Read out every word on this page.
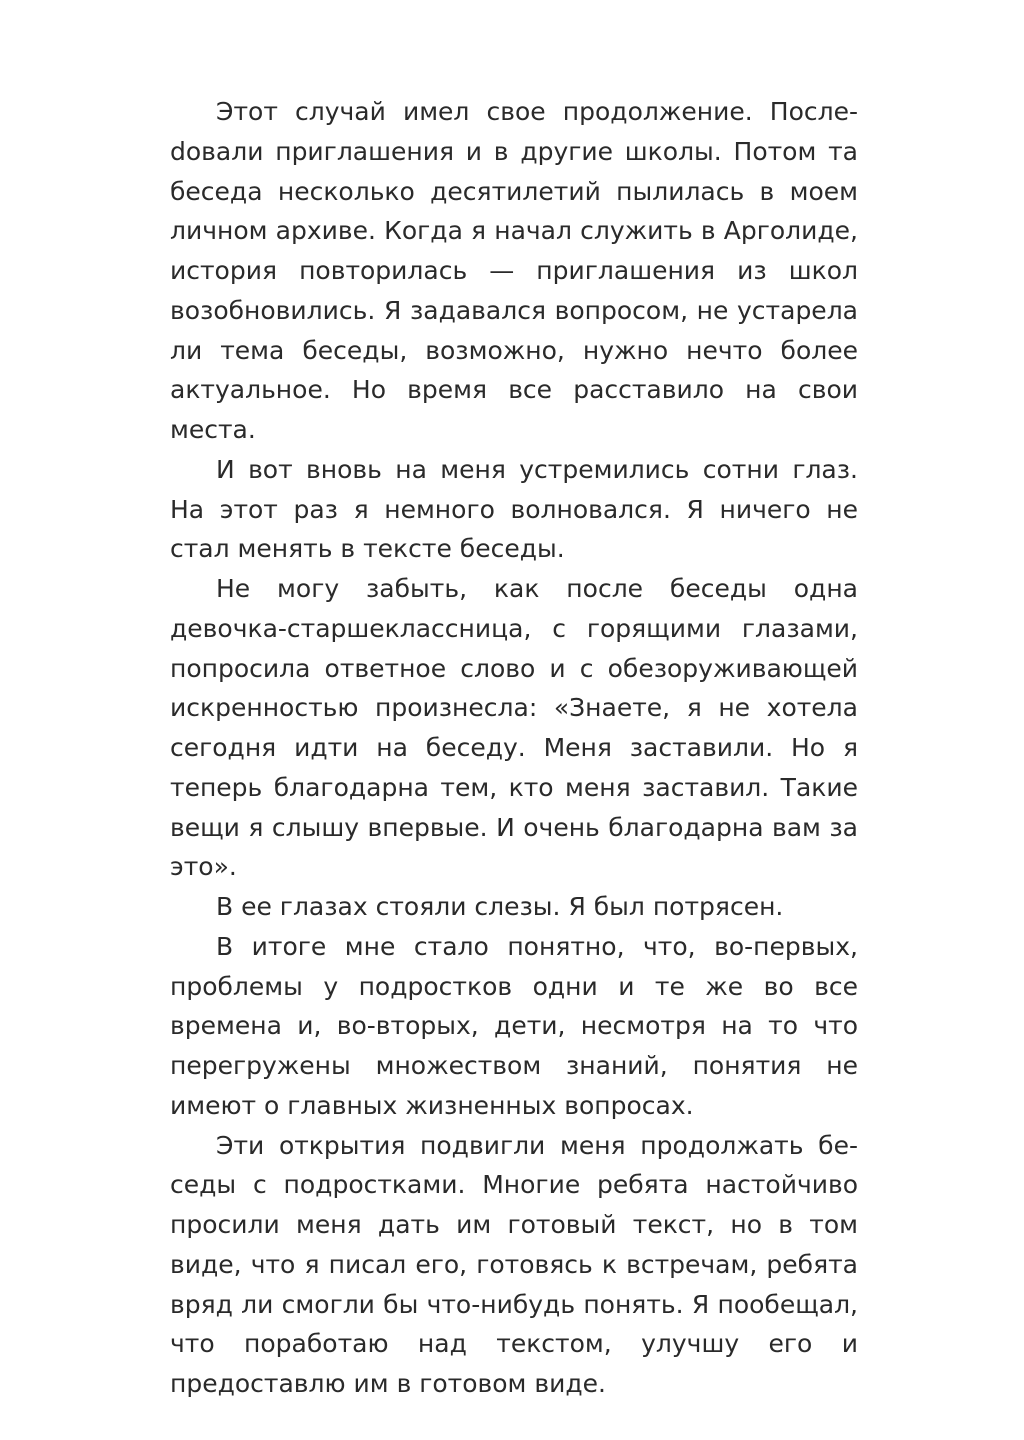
Этот случай имел свое продолжение. Послеdовали приглашения и в другие школы. Потом та беседа несколько десятилетий пылилась в моем личном архиве. Когда я начал служить в Арголиде, история повторилась — приглашения из школ возобновились. Я задавался вопросом, не устарела ли тема беседы, возможно, нужно нечто более актуальное. Но время все расставило на свои места.

И вот вновь на меня устремились сотни глаз. На этот раз я немного волновался. Я ничего не стал менять в тексте беседы.

Не могу забыть, как после беседы одна девочка-старшеклассница, с горящими глазами, попросила ответное слово и с обезоруживающей искренностью произнесла: «Знаете, я не хотела сегодня идти на беседу. Меня заставили. Но я теперь благодарна тем, кто меня заставил. Такие вещи я слышу впервые. И очень благодарна вам за это».

В ее глазах стояли слезы. Я был потрясен.

В итоге мне стало понятно, что, во-первых, проблемы у подростков одни и те же во все времена и, во-вторых, дети, несмотря на то что перегружены множеством знаний, понятия не имеют о главных жизненных вопросах.

Эти открытия подвигли меня продолжать беседы с подростками. Многие ребята настойчиво просили меня дать им готовый текст, но в том виде, что я писал его, готовясь к встречам, ребята вряд ли смогли бы что-нибудь понять. Я пообещал, что поработаю над текстом, улучшу его и предоставлю им в готовом виде.
